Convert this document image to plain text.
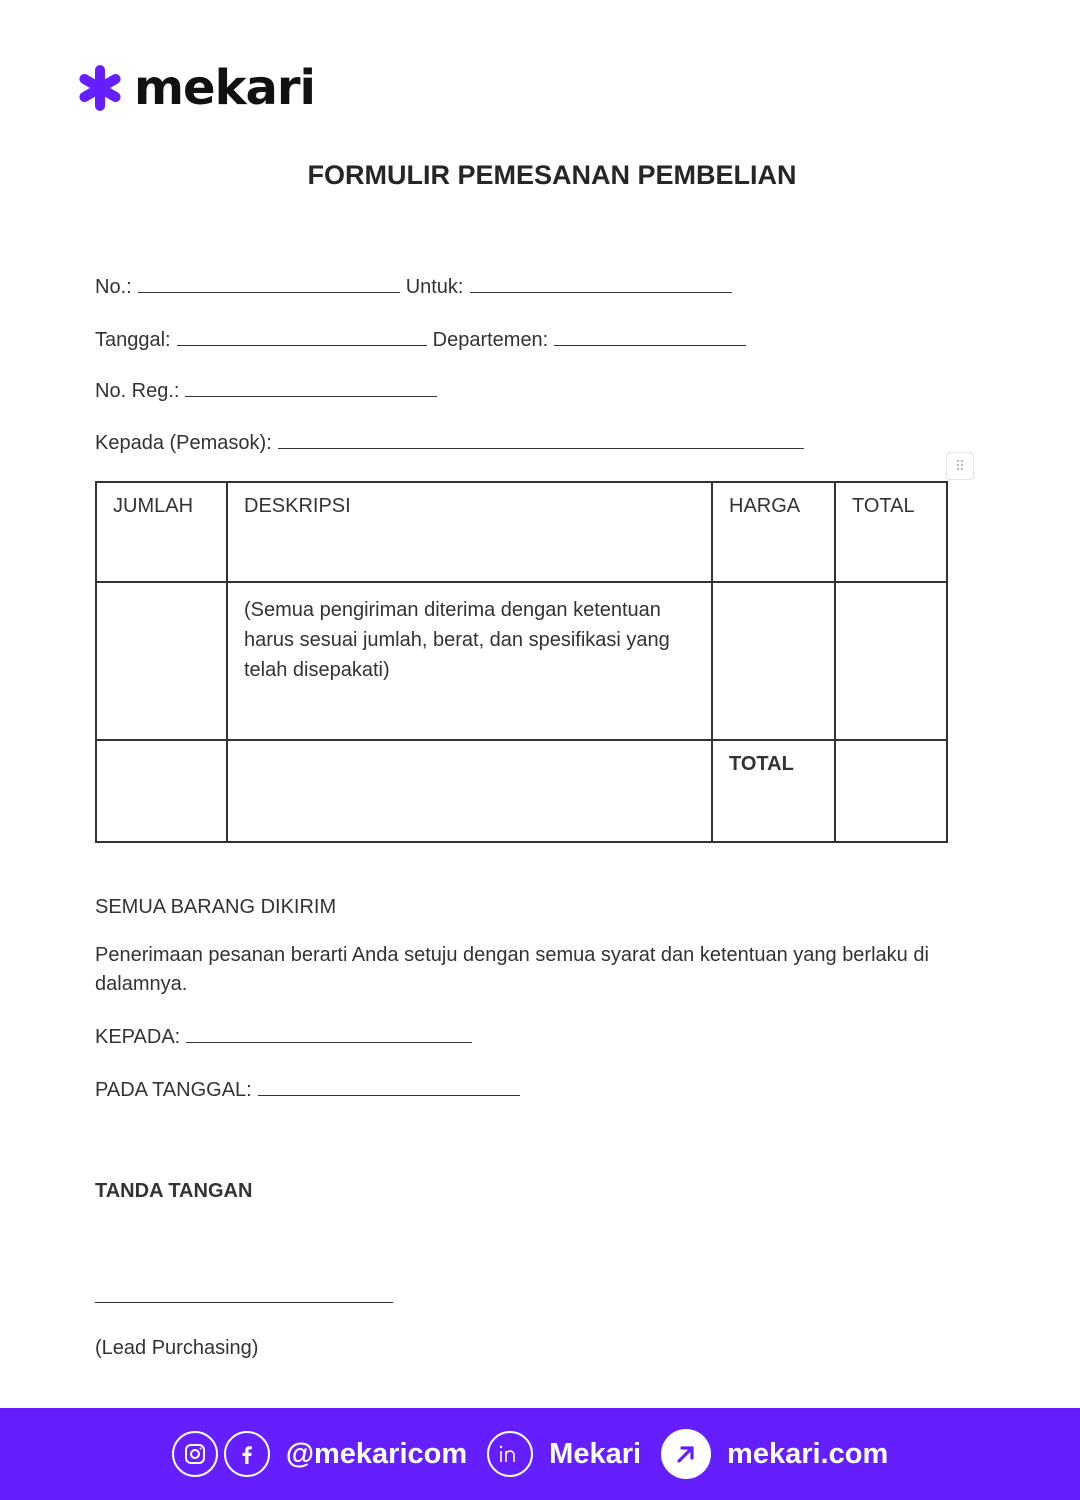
mekari
FORMULIR PEMESANAN PEMBELIAN
No.:	Untuk:
Tanggal:	Departemen:
No. Reg.:
Kepada (Pemasok):
⠿
JUMLAH	DESKRIPSI	HARGA	TOTAL
	(Semua pengiriman diterima dengan ketentuan harus sesuai jumlah, berat, dan spesifikasi yang telah disepakati)		
		TOTAL	
SEMUA BARANG DIKIRIM
Penerimaan pesanan berarti Anda setuju dengan semua syarat dan ketentuan yang berlaku di dalamnya.
KEPADA:
PADA TANGGAL:
TANDA TANGAN
(Lead Purchasing)
@mekaricom	Mekari	mekari.com
